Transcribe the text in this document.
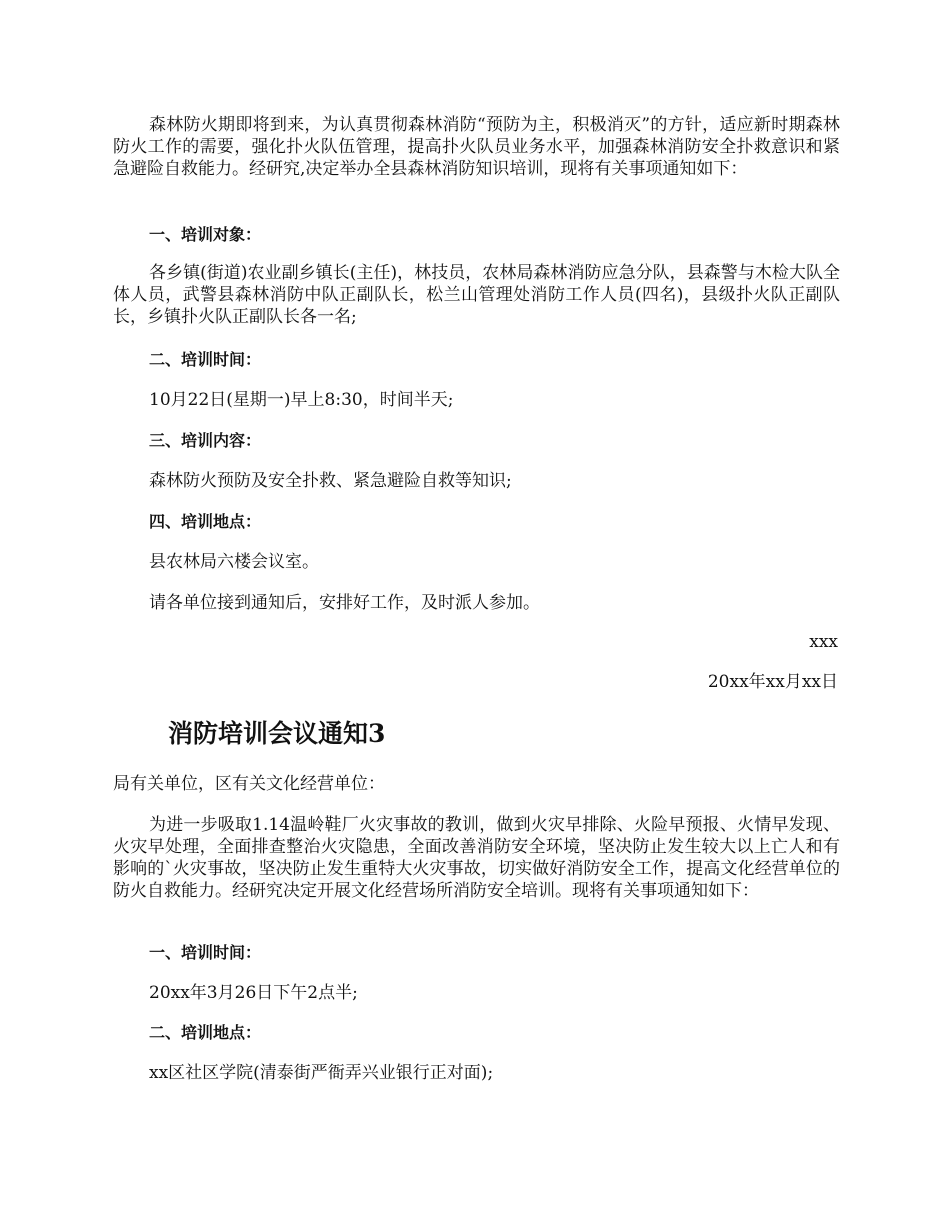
森林防火期即将到来，为认真贯彻森林消防“预防为主，积极消灭”的方针，适应新时期森林防火工作的需要，强化扑火队伍管理，提高扑火队员业务水平，加强森林消防安全扑救意识和紧急避险自救能力。经研究,决定举办全县森林消防知识培训，现将有关事项通知如下：

一、培训对象：

各乡镇(街道)农业副乡镇长(主任)，林技员，农林局森林消防应急分队，县森警与木检大队全体人员，武警县森林消防中队正副队长，松兰山管理处消防工作人员(四名)，县级扑火队正副队长，乡镇扑火队正副队长各一名;

二、培训时间：

10月22日(星期一)早上8:30，时间半天;

三、培训内容：

森林防火预防及安全扑救、紧急避险自救等知识;

四、培训地点：

县农林局六楼会议室。

请各单位接到通知后，安排好工作，及时派人参加。

xxx

20xx年xx月xx日

消防培训会议通知3

局有关单位，区有关文化经营单位：

为进一步吸取1.14温岭鞋厂火灾事故的教训，做到火灾早排除、火险早预报、火情早发现、火灾早处理，全面排查整治火灾隐患，全面改善消防安全环境，坚决防止发生较大以上亡人和有影响的`火灾事故，坚决防止发生重特大火灾事故，切实做好消防安全工作，提高文化经营单位的防火自救能力。经研究决定开展文化经营场所消防安全培训。现将有关事项通知如下：

一、培训时间：

20xx年3月26日下午2点半;

二、培训地点：

xx区社区学院(清泰街严衙弄兴业银行正对面);
